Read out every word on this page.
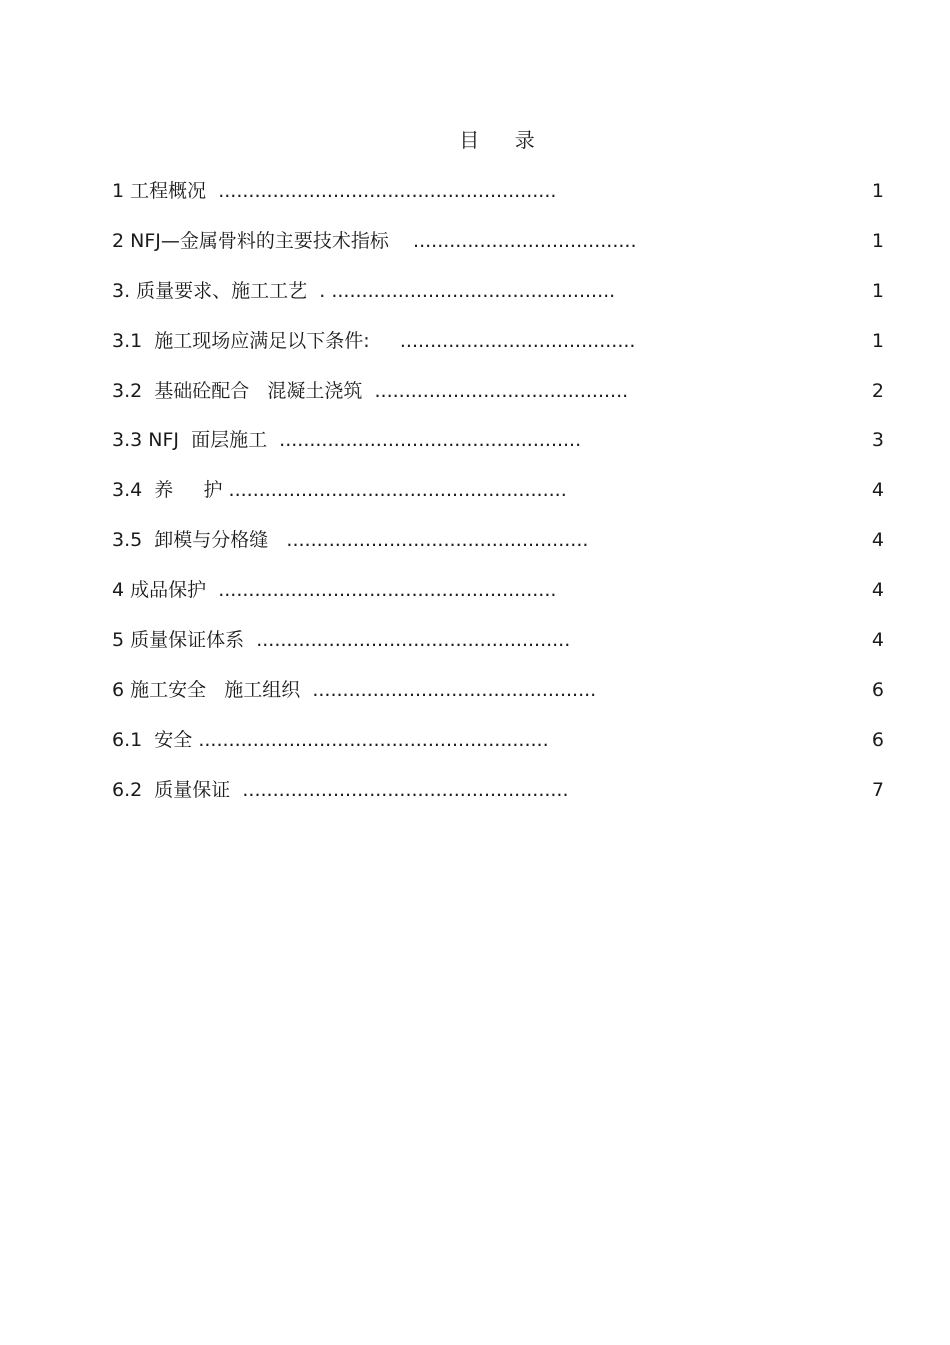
目    录
1 工程概况  ........................................................	1
2 NFJ—金属骨料的主要技术指标    .....................................	1
3. 质量要求、施工工艺  . ...............................................	1
3.1  施工现场应满足以下条件:     .......................................	1
3.2  基础砼配合   混凝土浇筑  ..........................................	2
3.3 NFJ  面层施工  ..................................................	3
3.4  养     护 ........................................................	4
3.5  卸模与分格缝   ..................................................	4
4 成品保护  ........................................................	4
5 质量保证体系  ....................................................	4
6 施工安全   施工组织  ...............................................	6
6.1  安全 ..........................................................	6
6.2  质量保证  ......................................................	7
